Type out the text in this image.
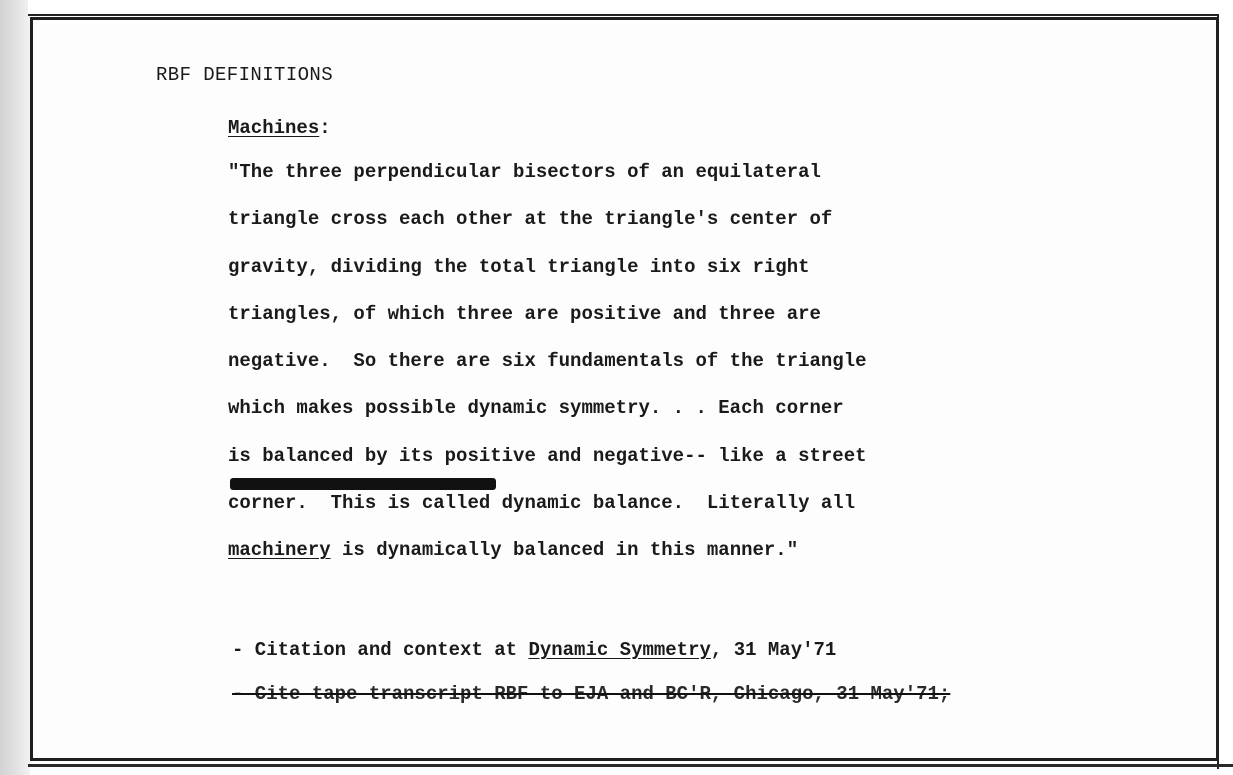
RBF DEFINITIONS
Machines:
"The three perpendicular bisectors of an equilateral
triangle cross each other at the triangle's center of
gravity, dividing the total triangle into six right
triangles, of which three are positive and three are
negative.  So there are six fundamentals of the triangle
which makes possible dynamic symmetry. . . Each corner
is balanced by its positive and negative-- like a street
corner.  This is called dynamic balance.  Literally all
machinery is dynamically balanced in this manner."
- Citation and context at Dynamic Symmetry, 31 May'71
- Cite tape transcript RBF to EJA and BC'R, Chicago, 31 May'71;
